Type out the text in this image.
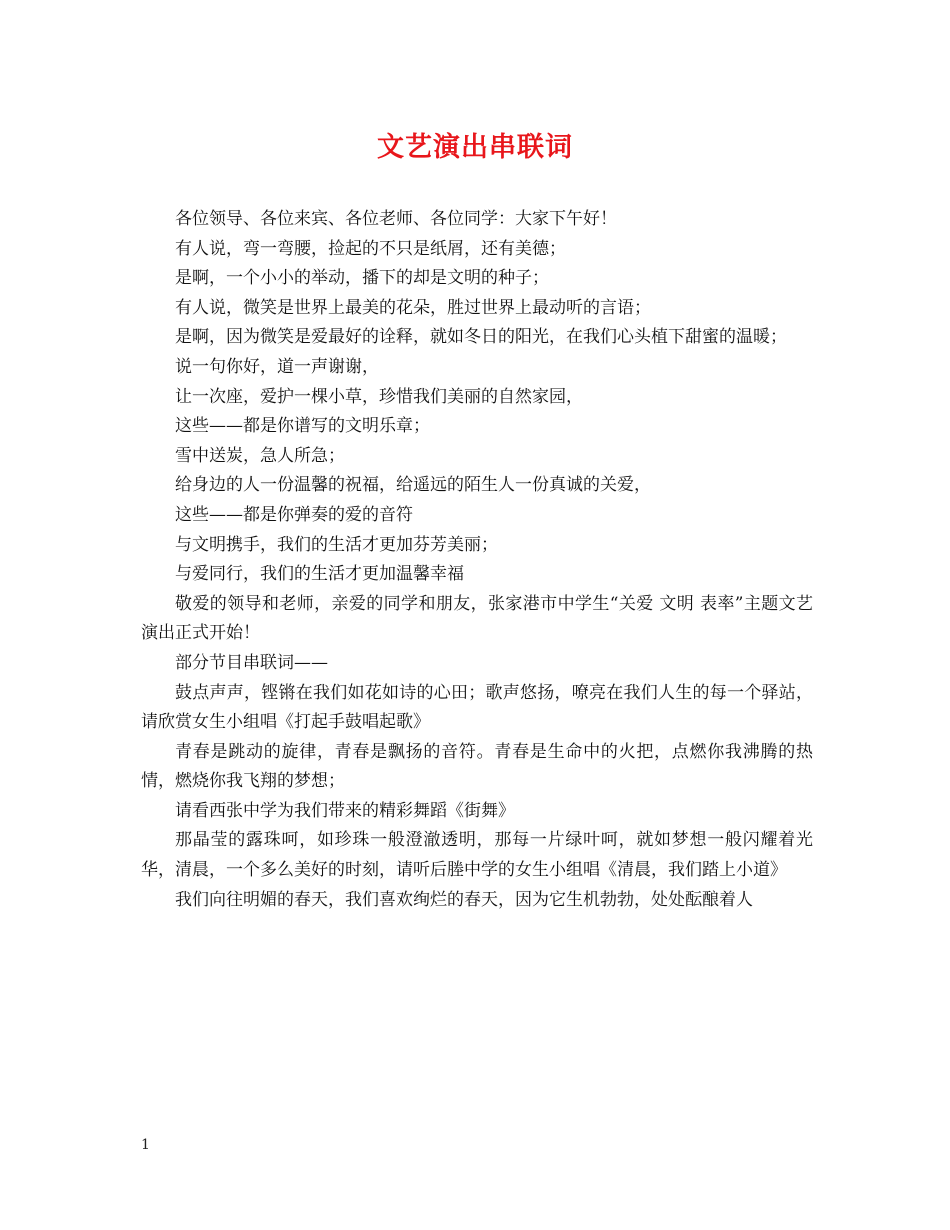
文艺演出串联词

各位领导、各位来宾、各位老师、各位同学：大家下午好！

有人说，弯一弯腰，捡起的不只是纸屑，还有美德；

是啊，一个小小的举动，播下的却是文明的种子；

有人说，微笑是世界上最美的花朵，胜过世界上最动听的言语；

是啊，因为微笑是爱最好的诠释，就如冬日的阳光，在我们心头植下甜蜜的温暖；

说一句你好，道一声谢谢，

让一次座，爱护一棵小草，珍惜我们美丽的自然家园，

这些——都是你谱写的文明乐章；

雪中送炭，急人所急；

给身边的人一份温馨的祝福，给遥远的陌生人一份真诚的关爱，

这些——都是你弹奏的爱的音符

与文明携手，我们的生活才更加芬芳美丽；

与爱同行，我们的生活才更加温馨幸福

敬爱的领导和老师，亲爱的同学和朋友，张家港市中学生“关爱 文明 表率”主题文艺演出正式开始！

部分节目串联词——

鼓点声声，铿锵在我们如花如诗的心田；歌声悠扬，嘹亮在我们人生的每一个驿站，请欣赏女生小组唱《打起手鼓唱起歌》

青春是跳动的旋律，青春是飘扬的音符。青春是生命中的火把，点燃你我沸腾的热情，燃烧你我飞翔的梦想；

请看西张中学为我们带来的精彩舞蹈《街舞》

那晶莹的露珠呵，如珍珠一般澄澈透明，那每一片绿叶呵，就如梦想一般闪耀着光华，清晨，一个多么美好的时刻，请听后塍中学的女生小组唱《清晨，我们踏上小道》

我们向往明媚的春天，我们喜欢绚烂的春天，因为它生机勃勃，处处酝酿着人

1
